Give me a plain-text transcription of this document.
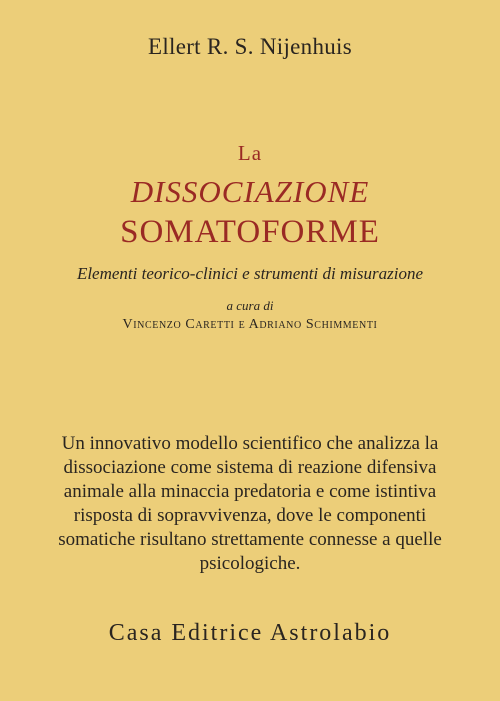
Ellert R. S. Nijenhuis
La
DISSOCIAZIONE
SOMATOFORME
Elementi teorico-clinici e strumenti di misurazione
a cura di
Vincenzo Caretti e Adriano Schimmenti
Un innovativo modello scientifico che analizza la dissociazione come sistema di reazione difensiva animale alla minaccia predatoria e come istintiva risposta di sopravvivenza, dove le componenti somatiche risultano strettamente connesse a quelle psicologiche.
Casa Editrice Astrolabio
